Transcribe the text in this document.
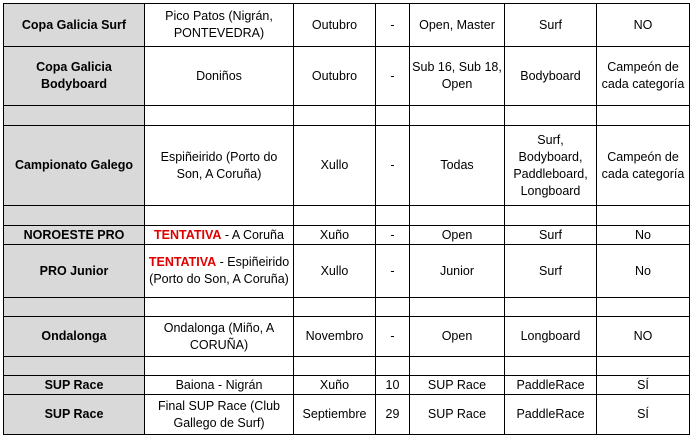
Copa Galicia Surf	Pico Patos (Nigrán, PONTEVEDRA)	Outubro	-	Open, Master	Surf	NO
Copa Galicia Bodyboard	Doniños	Outubro	-	Sub 16, Sub 18, Open	Bodyboard	Campeón de cada categoría

Campionato Galego	Espiñeirido (Porto do Son, A Coruña)	Xullo	-	Todas	Surf, Bodyboard, Paddleboard, Longboard	Campeón de cada categoría

NOROESTE PRO	TENTATIVA - A Coruña	Xuño	-	Open	Surf	No
PRO Junior	TENTATIVA - Espiñeirido (Porto do Son, A Coruña)	Xullo	-	Junior	Surf	No

Ondalonga	Ondalonga (Miño, A CORUÑA)	Novembro	-	Open	Longboard	NO

SUP Race	Baiona - Nigrán	Xuño	10	SUP Race	PaddleRace	SÍ
SUP Race	Final SUP Race (Club Gallego de Surf)	Septiembre	29	SUP Race	PaddleRace	SÍ
